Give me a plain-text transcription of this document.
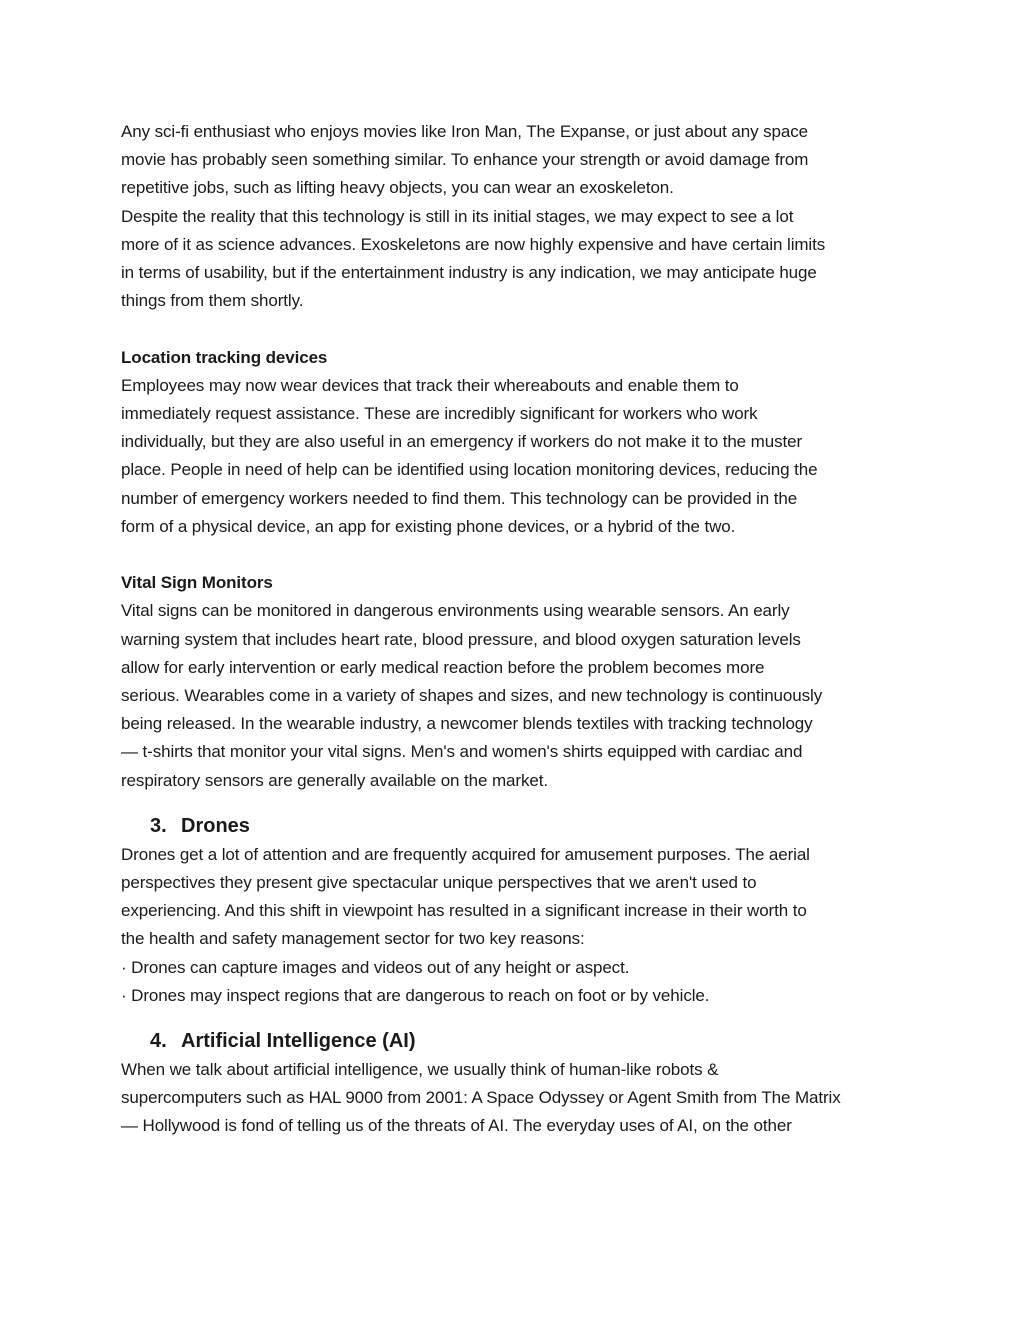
Any sci-fi enthusiast who enjoys movies like Iron Man, The Expanse, or just about any space
movie has probably seen something similar. To enhance your strength or avoid damage from
repetitive jobs, such as lifting heavy objects, you can wear an exoskeleton.
Despite the reality that this technology is still in its initial stages, we may expect to see a lot
more of it as science advances. Exoskeletons are now highly expensive and have certain limits
in terms of usability, but if the entertainment industry is any indication, we may anticipate huge
things from them shortly.
Location tracking devices
Employees may now wear devices that track their whereabouts and enable them to
immediately request assistance. These are incredibly significant for workers who work
individually, but they are also useful in an emergency if workers do not make it to the muster
place. People in need of help can be identified using location monitoring devices, reducing the
number of emergency workers needed to find them. This technology can be provided in the
form of a physical device, an app for existing phone devices, or a hybrid of the two.
Vital Sign Monitors
Vital signs can be monitored in dangerous environments using wearable sensors. An early
warning system that includes heart rate, blood pressure, and blood oxygen saturation levels
allow for early intervention or early medical reaction before the problem becomes more
serious. Wearables come in a variety of shapes and sizes, and new technology is continuously
being released. In the wearable industry, a newcomer blends textiles with tracking technology
— t-shirts that monitor your vital signs. Men's and women's shirts equipped with cardiac and
respiratory sensors are generally available on the market.
3. Drones
Drones get a lot of attention and are frequently acquired for amusement purposes. The aerial
perspectives they present give spectacular unique perspectives that we aren't used to
experiencing. And this shift in viewpoint has resulted in a significant increase in their worth to
the health and safety management sector for two key reasons:
· Drones can capture images and videos out of any height or aspect.
· Drones may inspect regions that are dangerous to reach on foot or by vehicle.
4. Artificial Intelligence (AI)
When we talk about artificial intelligence, we usually think of human-like robots &
supercomputers such as HAL 9000 from 2001: A Space Odyssey or Agent Smith from The Matrix
— Hollywood is fond of telling us of the threats of AI. The everyday uses of AI, on the other
